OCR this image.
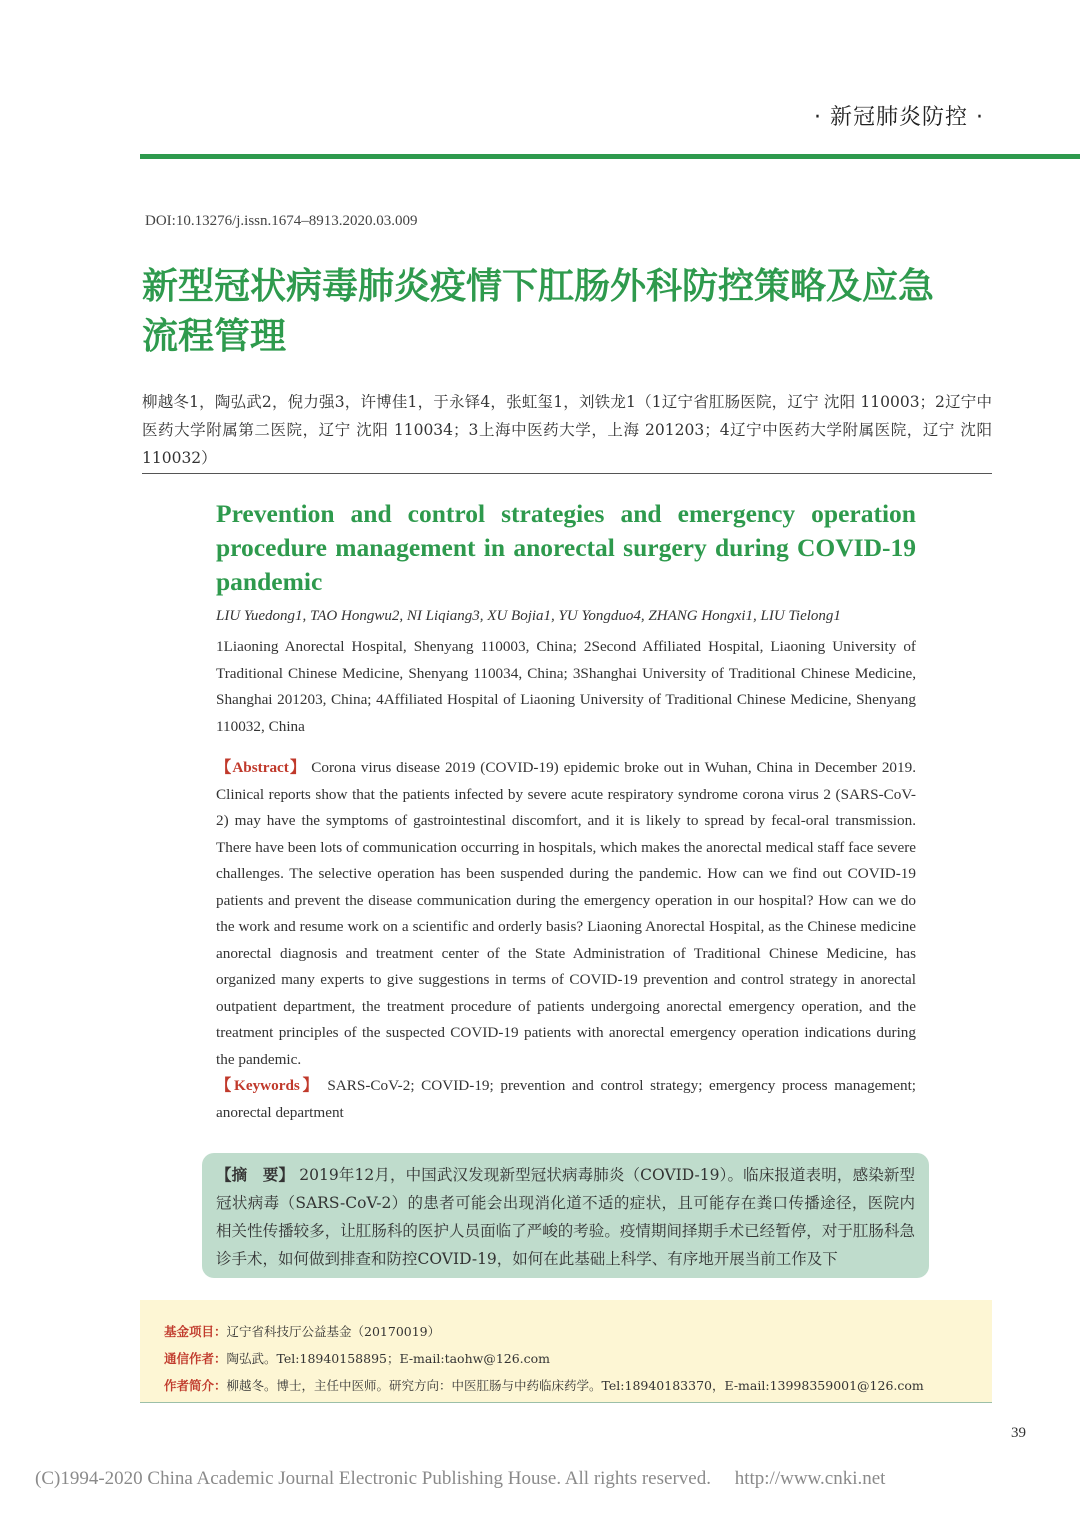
· 新冠肺炎防控 ·
DOI:10.13276/j.issn.1674–8913.2020.03.009
新型冠状病毒肺炎疫情下肛肠外科防控策略及应急流程管理
柳越冬1，陶弘武2，倪力强3，许博佳1，于永铎4，张虹玺1，刘铁龙1（1辽宁省肛肠医院，辽宁 沈阳 110003；2辽宁中医药大学附属第二医院，辽宁 沈阳 110034；3上海中医药大学，上海 201203；4辽宁中医药大学附属医院，辽宁 沈阳 110032）
Prevention and control strategies and emergency operation procedure management in anorectal surgery during COVID-19 pandemic
LIU Yuedong1, TAO Hongwu2, NI Liqiang3, XU Bojia1, YU Yongduo4, ZHANG Hongxi1, LIU Tielong1
1Liaoning Anorectal Hospital, Shenyang 110003, China; 2Second Affiliated Hospital, Liaoning University of Traditional Chinese Medicine, Shenyang 110034, China; 3Shanghai University of Traditional Chinese Medicine, Shanghai 201203, China; 4Affiliated Hospital of Liaoning University of Traditional Chinese Medicine, Shenyang 110032, China
【Abstract】 Corona virus disease 2019 (COVID-19) epidemic broke out in Wuhan, China in December 2019. Clinical reports show that the patients infected by severe acute respiratory syndrome corona virus 2 (SARS-CoV-2) may have the symptoms of gastrointestinal discomfort, and it is likely to spread by fecal-oral transmission. There have been lots of communication occurring in hospitals, which makes the anorectal medical staff face severe challenges. The selective operation has been suspended during the pandemic. How can we find out COVID-19 patients and prevent the disease communication during the emergency operation in our hospital? How can we do the work and resume work on a scientific and orderly basis? Liaoning Anorectal Hospital, as the Chinese medicine anorectal diagnosis and treatment center of the State Administration of Traditional Chinese Medicine, has organized many experts to give suggestions in terms of COVID-19 prevention and control strategy in anorectal outpatient department, the treatment procedure of patients undergoing anorectal emergency operation, and the treatment principles of the suspected COVID-19 patients with anorectal emergency operation indications during the pandemic.
【Keywords】 SARS-CoV-2; COVID-19; prevention and control strategy; emergency process management; anorectal department
【摘　要】 2019年12月，中国武汉发现新型冠状病毒肺炎（COVID-19）。临床报道表明，感染新型冠状病毒（SARS-CoV-2）的患者可能会出现消化道不适的症状，且可能存在粪口传播途径，医院内相关性传播较多，让肛肠科的医护人员面临了严峻的考验。疫情期间择期手术已经暂停，对于肛肠科急诊手术，如何做到排查和防控COVID-19，如何在此基础上科学、有序地开展当前工作及下
基金项目：辽宁省科技厅公益基金（20170019）
通信作者：陶弘武。Tel:18940158895；E-mail:taohw@126.com
作者简介：柳越冬。博士，主任中医师。研究方向：中医肛肠与中药临床药学。Tel:18940183370，E-mail:13998359001@126.com
39
(C)1994-2020 China Academic Journal Electronic Publishing House. All rights reserved.　 http://www.cnki.net
